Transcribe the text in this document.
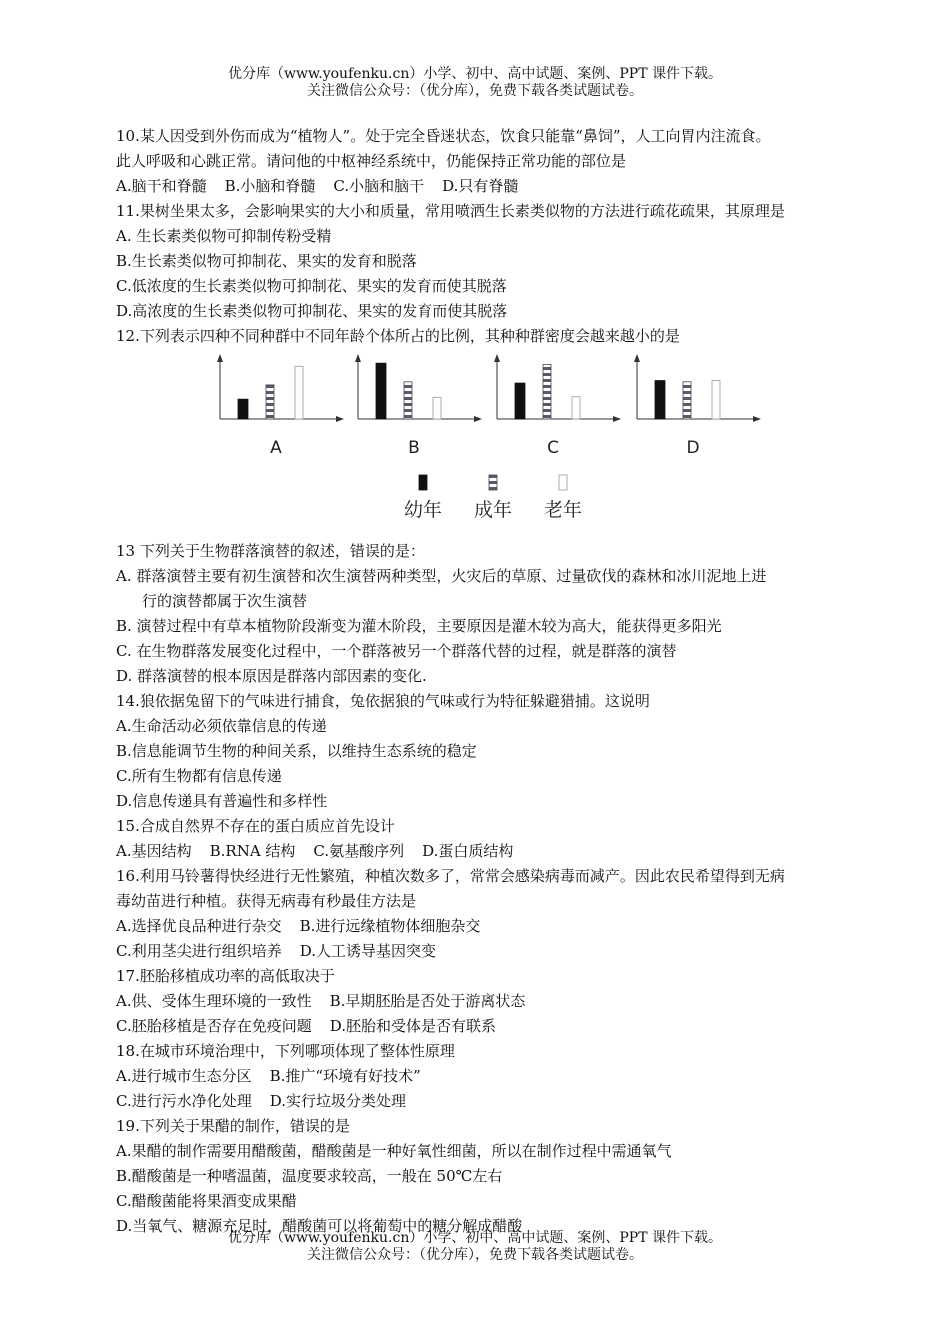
优分库（www.youfenku.cn）小学、初中、高中试题、案例、PPT 课件下载。
关注微信公众号：（优分库），免费下载各类试题试卷。
10.某人因受到外伤而成为“植物人”。处于完全昏迷状态，饮食只能靠“鼻饲”，人工向胃内注流食。
此人呼吸和心跳正常。请问他的中枢神经系统中，仍能保持正常功能的部位是
A.脑干和脊髓 B.小脑和脊髓 C.小脑和脑干 D.只有脊髓
11.果树坐果太多，会影响果实的大小和质量，常用喷洒生长素类似物的方法进行疏花疏果，其原理是
A. 生长素类似物可抑制传粉受精
B.生长素类似物可抑制花、果实的发育和脱落
C.低浓度的生长素类似物可抑制花、果实的发育而使其脱落
D.高浓度的生长素类似物可抑制花、果实的发育而使其脱落
12.下列表示四种不同种群中不同年龄个体所占的比例，其种种群密度会越来越小的是
A	B	C	D
幼年 成年 老年
13 下列关于生物群落演替的叙述，错误的是：
A. 群落演替主要有初生演替和次生演替两种类型，火灾后的草原、过量砍伐的森林和冰川泥地上进
行的演替都属于次生演替
B. 演替过程中有草本植物阶段渐变为灌木阶段，主要原因是灌木较为高大，能获得更多阳光
C. 在生物群落发展变化过程中，一个群落被另一个群落代替的过程，就是群落的演替
D. 群落演替的根本原因是群落内部因素的变化.
14.狼依据兔留下的气味进行捕食，兔依据狼的气味或行为特征躲避猎捕。这说明
A.生命活动必须依靠信息的传递
B.信息能调节生物的种间关系，以维持生态系统的稳定
C.所有生物都有信息传递
D.信息传递具有普遍性和多样性
15.合成自然界不存在的蛋白质应首先设计
A.基因结构 B.RNA 结构 C.氨基酸序列 D.蛋白质结构
16.利用马铃薯得快经进行无性繁殖，种植次数多了，常常会感染病毒而减产。因此农民希望得到无病
毒幼苗进行种植。获得无病毒有秒最佳方法是
A.选择优良品种进行杂交 B.进行远缘植物体细胞杂交
C.利用茎尖进行组织培养 D.人工诱导基因突变
17.胚胎移植成功率的高低取决于
A.供、受体生理环境的一致性 B.早期胚胎是否处于游离状态
C.胚胎移植是否存在免疫问题 D.胚胎和受体是否有联系
18.在城市环境治理中，下列哪项体现了整体性原理
A.进行城市生态分区 B.推广“环境有好技术”
C.进行污水净化处理 D.实行垃圾分类处理
19.下列关于果醋的制作，错误的是
A.果醋的制作需要用醋酸菌，醋酸菌是一种好氧性细菌，所以在制作过程中需通氧气
B.醋酸菌是一种嗜温菌，温度要求较高，一般在 50℃左右
C.醋酸菌能将果酒变成果醋
D.当氧气、糖源充足时，醋酸菌可以将葡萄中的糖分解成醋酸
优分库（www.youfenku.cn）小学、初中、高中试题、案例、PPT 课件下载。
关注微信公众号：（优分库），免费下载各类试题试卷。
